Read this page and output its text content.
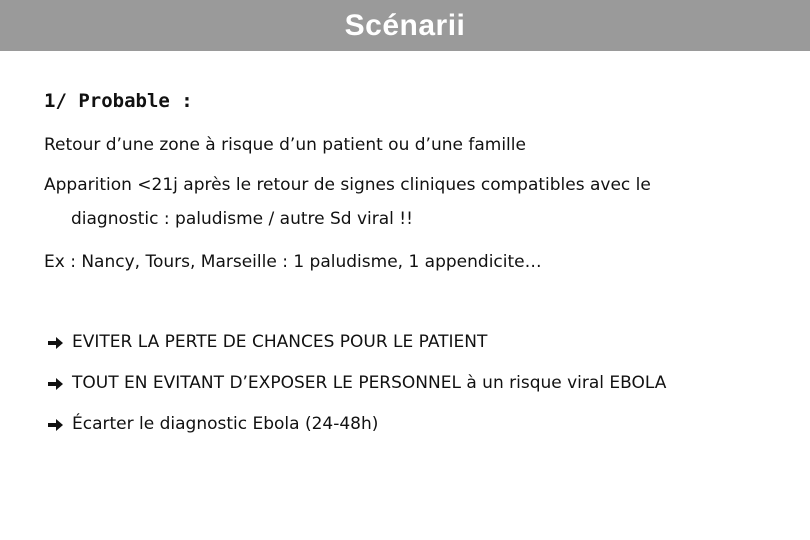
Scénarii
1/ Probable :
Retour d’une zone à risque d’un patient ou d’une famille
Apparition <21j après le retour de signes cliniques compatibles avec le
diagnostic : paludisme / autre Sd viral !!
Ex : Nancy, Tours, Marseille : 1 paludisme, 1 appendicite…
EVITER LA PERTE DE CHANCES POUR LE PATIENT
TOUT EN EVITANT D’EXPOSER LE PERSONNEL à un risque viral EBOLA
Écarter le diagnostic Ebola (24-48h)
